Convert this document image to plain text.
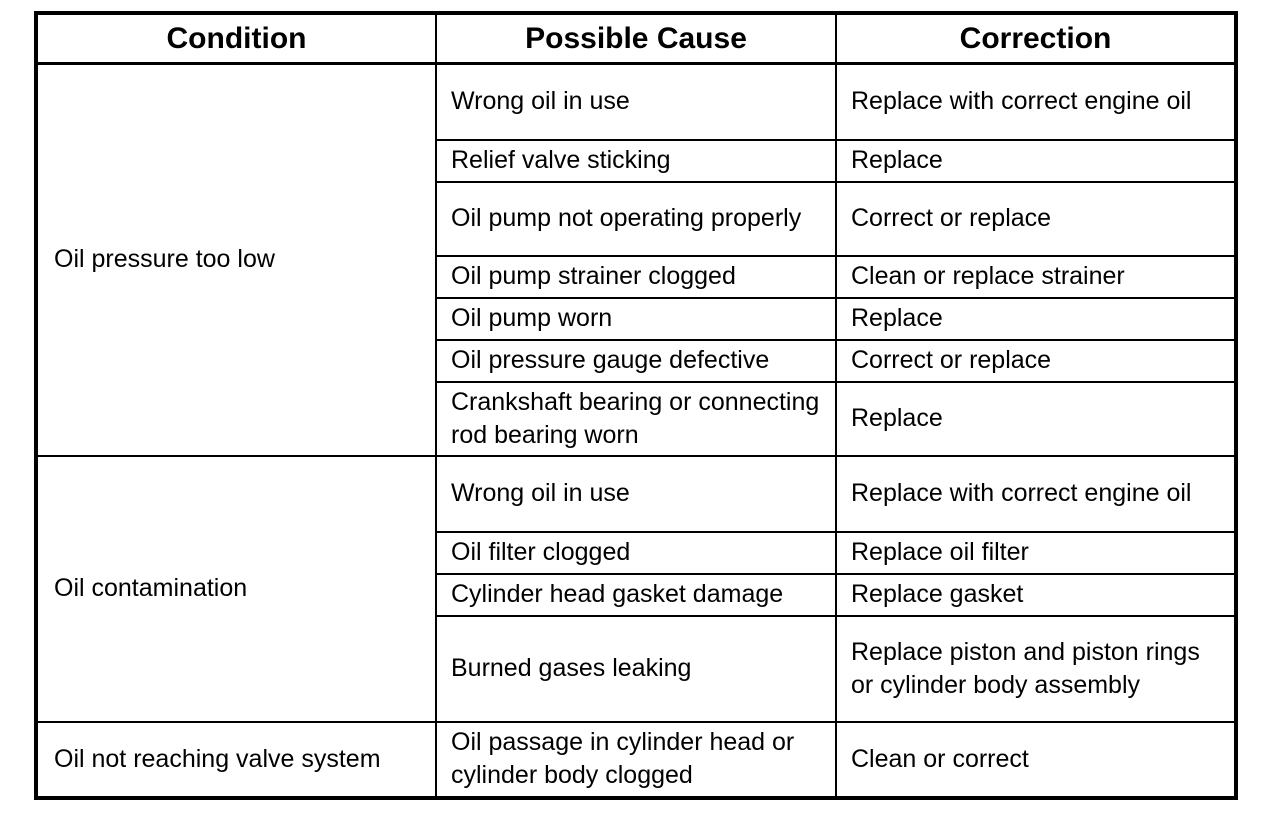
Condition	Possible Cause	Correction
Oil pressure too low	Wrong oil in use	Replace with correct engine oil
	Relief valve sticking	Replace
	Oil pump not operating properly	Correct or replace
	Oil pump strainer clogged	Clean or replace strainer
	Oil pump worn	Replace
	Oil pressure gauge defective	Correct or replace
	Crankshaft bearing or connecting rod bearing worn	Replace
Oil contamination	Wrong oil in use	Replace with correct engine oil
	Oil filter clogged	Replace oil filter
	Cylinder head gasket damage	Replace gasket
	Burned gases leaking	Replace piston and piston rings or cylinder body assembly
Oil not reaching valve system	Oil passage in cylinder head or cylinder body clogged	Clean or correct
